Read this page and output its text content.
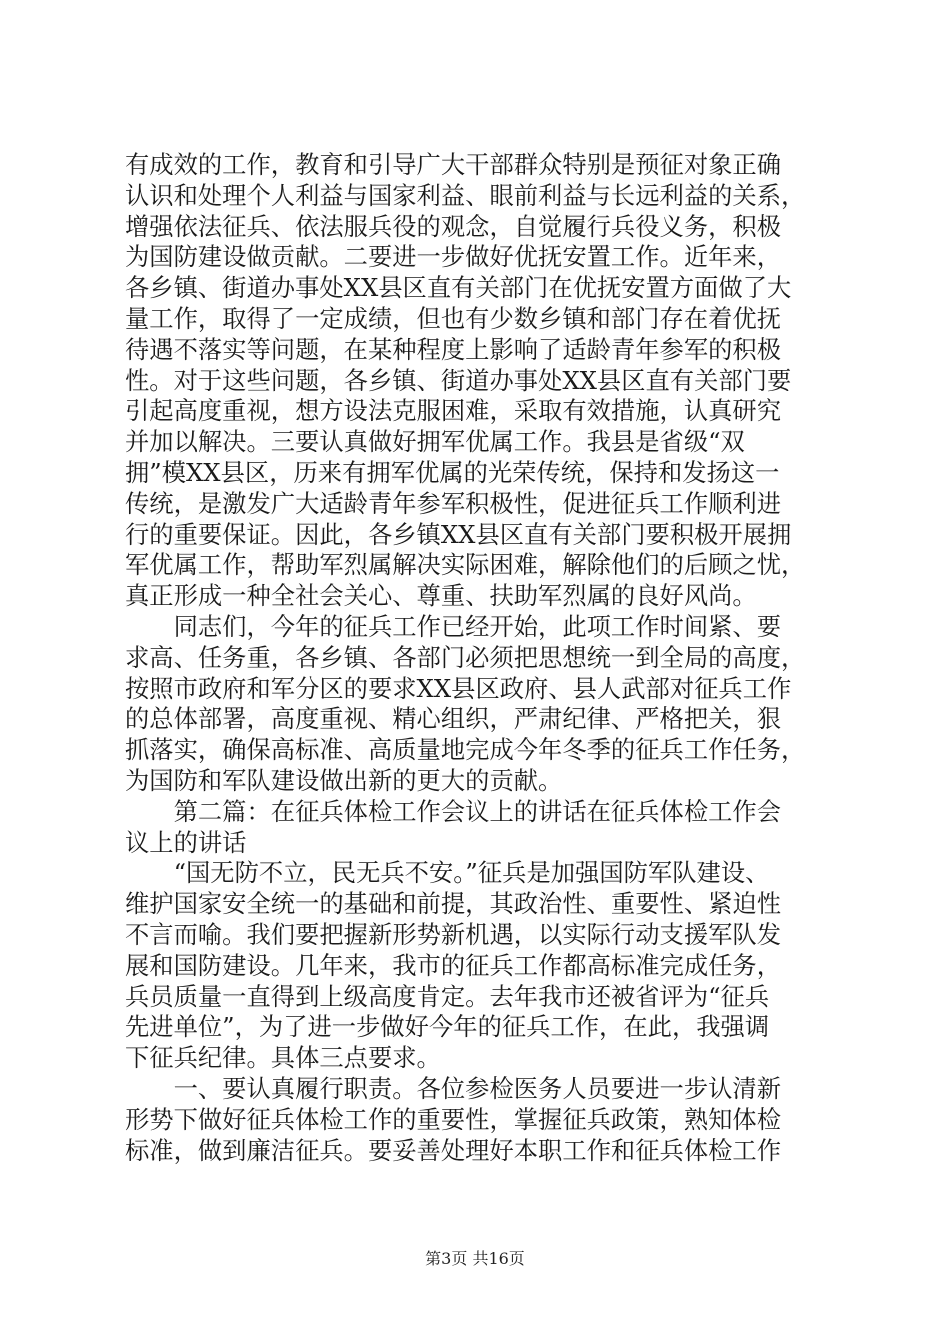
有成效的工作，教育和引导广大干部群众特别是预征对象正确
认识和处理个人利益与国家利益、眼前利益与长远利益的关系，
增强依法征兵、依法服兵役的观念，自觉履行兵役义务，积极
为国防建设做贡献。二要进一步做好优抚安置工作。近年来，
各乡镇、街道办事处XX县区直有关部门在优抚安置方面做了大
量工作，取得了一定成绩，但也有少数乡镇和部门存在着优抚
待遇不落实等问题，在某种程度上影响了适龄青年参军的积极
性。对于这些问题，各乡镇、街道办事处XX县区直有关部门要
引起高度重视，想方设法克服困难，采取有效措施，认真研究
并加以解决。三要认真做好拥军优属工作。我县是省级“双
拥”模XX县区，历来有拥军优属的光荣传统，保持和发扬这一
传统，是激发广大适龄青年参军积极性，促进征兵工作顺利进
行的重要保证。因此，各乡镇XX县区直有关部门要积极开展拥
军优属工作，帮助军烈属解决实际困难，解除他们的后顾之忧，
真正形成一种全社会关心、尊重、扶助军烈属的良好风尚。
　　同志们，今年的征兵工作已经开始，此项工作时间紧、要
求高、任务重，各乡镇、各部门必须把思想统一到全局的高度，
按照市政府和军分区的要求XX县区政府、县人武部对征兵工作
的总体部署，高度重视、精心组织，严肃纪律、严格把关，狠
抓落实，确保高标准、高质量地完成今年冬季的征兵工作任务，
为国防和军队建设做出新的更大的贡献。
　　第二篇：在征兵体检工作会议上的讲话在征兵体检工作会
议上的讲话
　　“国无防不立，民无兵不安。”征兵是加强国防军队建设、
维护国家安全统一的基础和前提，其政治性、重要性、紧迫性
不言而喻。我们要把握新形势新机遇，以实际行动支援军队发
展和国防建设。几年来，我市的征兵工作都高标准完成任务，
兵员质量一直得到上级高度肯定。去年我市还被省评为“征兵
先进单位”，为了进一步做好今年的征兵工作，在此，我强调
下征兵纪律。具体三点要求。
　　一、要认真履行职责。各位参检医务人员要进一步认清新
形势下做好征兵体检工作的重要性，掌握征兵政策，熟知体检
标准，做到廉洁征兵。要妥善处理好本职工作和征兵体检工作
第3页 共16页
